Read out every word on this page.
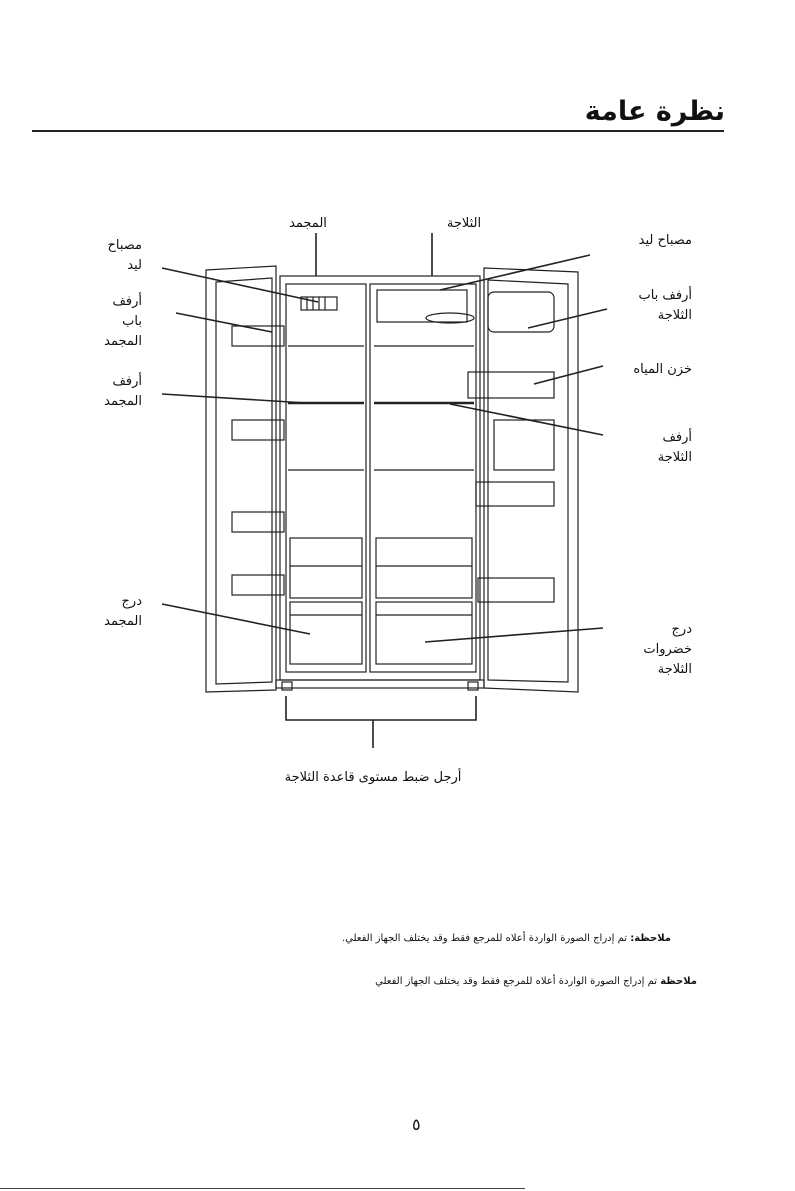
نظرة عامة
المجمد	الثلاجة
مصباح ليد
أرفف باب المجمد
أرفف المجمد
درج المجمد
مصباح ليد
أرفف باب الثلاجة
خزن المياه
أرفف الثلاجة
درج خضروات الثلاجة
أرجل ضبط مستوى قاعدة الثلاجة
ملاحظة: تم إدراج الصورة الواردة أعلاه للمرجع فقط وقد يختلف الجهاز الفعلي.
ملاحظة تم إدراج الصورة الواردة أعلاه للمرجع فقط وقد يختلف الجهاز الفعلي
٥
